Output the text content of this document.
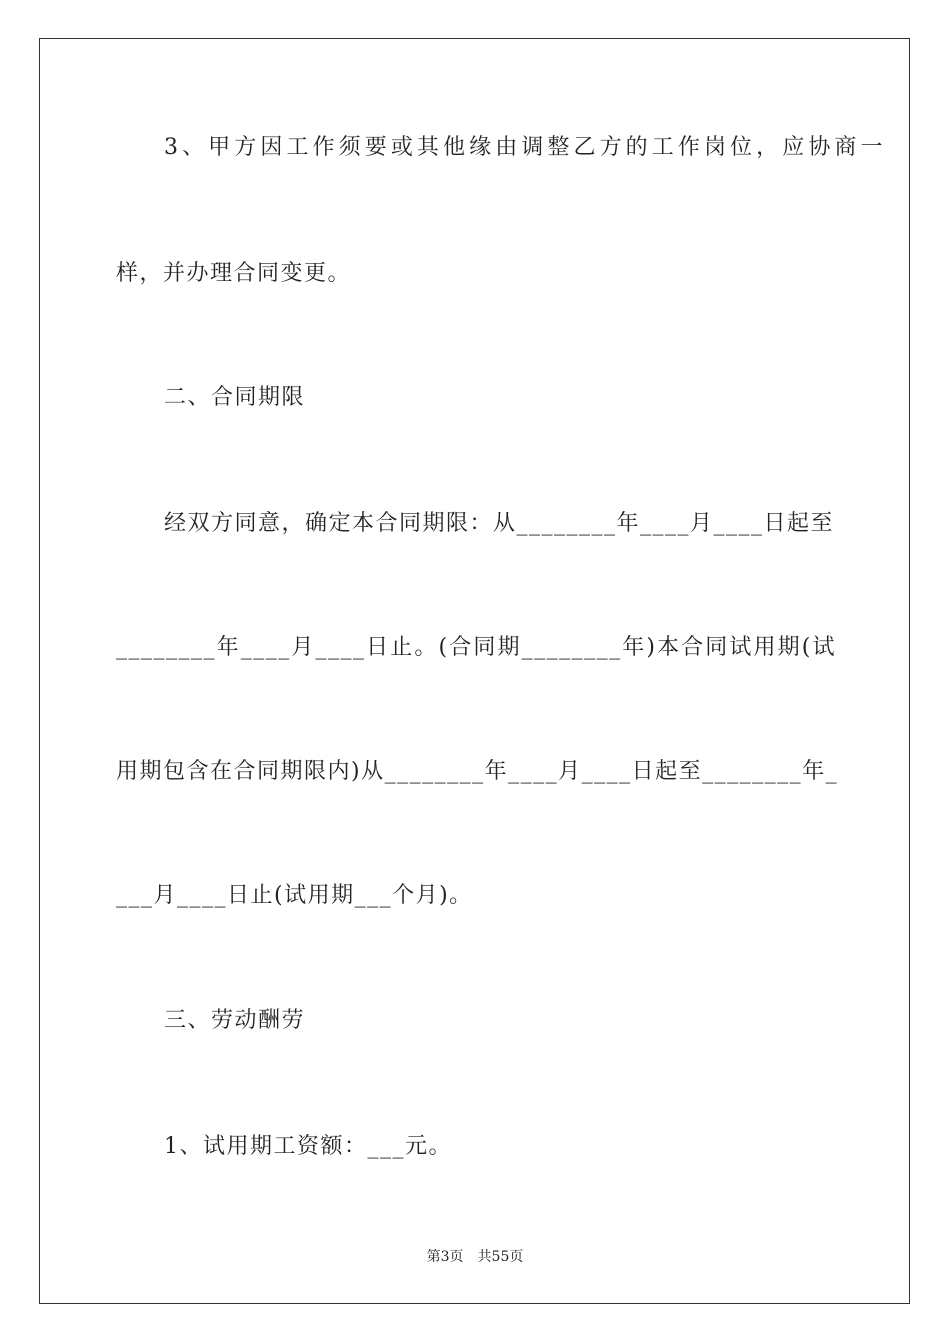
3、甲方因工作须要或其他缘由调整乙方的工作岗位，应协商一
样，并办理合同变更。
二、合同期限
经双方同意，确定本合同期限：从________年____月____日起至
________年____月____日止。(合同期________年)本合同试用期(试
用期包含在合同期限内)从________年____月____日起至________年_
___月____日止(试用期___个月)。
三、劳动酬劳
1、试用期工资额：___元。
第3页　共55页
